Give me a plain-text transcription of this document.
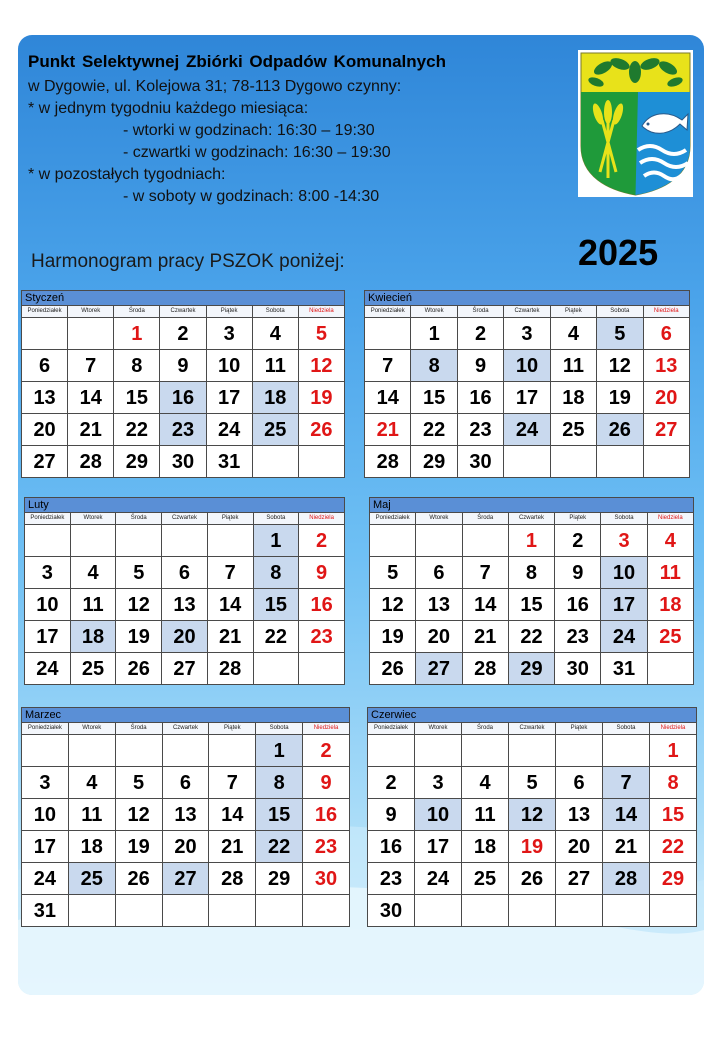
Punkt Selektywnej Zbiórki Odpadów Komunalnych
w Dygowie, ul. Kolejowa 31; 78-113 Dygowo czynny:
* w jednym tygodniu każdego miesiąca:
- wtorki w godzinach: 16:30 – 19:30
- czwartki w godzinach: 16:30 – 19:30
* w pozostałych tygodniach:
- w soboty w godzinach: 8:00 -14:30
Harmonogram pracy PSZOK poniżej:	2025
Styczeń						
Poniedziałek	Wtorek	Środa	Czwartek	Piątek	Sobota	Niedziela
		1	2	3	4	5
6	7	8	9	10	11	12
13	14	15	16	17	18	19
20	21	22	23	24	25	26
27	28	29	30	31		
Kwiecień						
Poniedziałek	Wtorek	Środa	Czwartek	Piątek	Sobota	Niedziela
	1	2	3	4	5	6
7	8	9	10	11	12	13
14	15	16	17	18	19	20
21	22	23	24	25	26	27
28	29	30				
Luty						
Poniedziałek	Wtorek	Środa	Czwartek	Piątek	Sobota	Niedziela
					1	2
3	4	5	6	7	8	9
10	11	12	13	14	15	16
17	18	19	20	21	22	23
24	25	26	27	28		
Maj						
Poniedziałek	Wtorek	Środa	Czwartek	Piątek	Sobota	Niedziela
			1	2	3	4
5	6	7	8	9	10	11
12	13	14	15	16	17	18
19	20	21	22	23	24	25
26	27	28	29	30	31	
Marzec						
Poniedziałek	Wtorek	Środa	Czwartek	Piątek	Sobota	Niedziela
					1	2
3	4	5	6	7	8	9
10	11	12	13	14	15	16
17	18	19	20	21	22	23
24	25	26	27	28	29	30
31						
Czerwiec						
Poniedziałek	Wtorek	Środa	Czwartek	Piątek	Sobota	Niedziela
						1
2	3	4	5	6	7	8
9	10	11	12	13	14	15
16	17	18	19	20	21	22
23	24	25	26	27	28	29
30						
